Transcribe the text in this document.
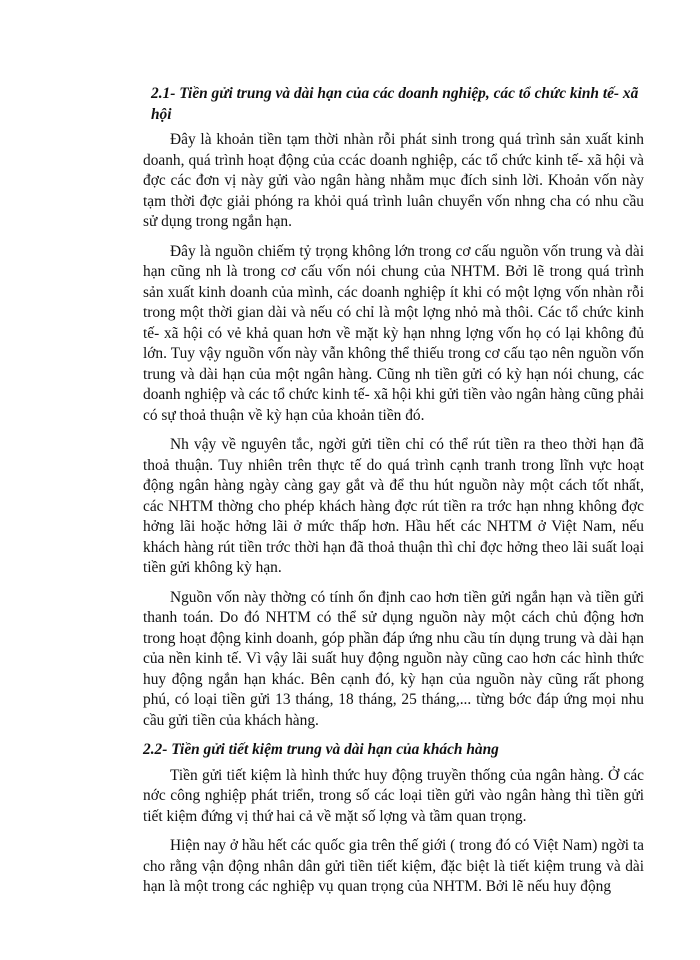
2.1- Tiền gửi trung và dài hạn của các doanh nghiệp, các tổ chức kinh tế- xã hội

Đây là khoản tiền tạm thời nhàn rỗi phát sinh trong quá trình sản xuất kinh doanh, quá trình hoạt động của ccác doanh nghiệp, các tổ chức kinh tế- xã hội và đợc các đơn vị này gửi vào ngân hàng nhằm mục đích sinh lời. Khoản vốn này tạm thời đợc giải phóng ra khỏi quá trình luân chuyển vốn nhng cha có nhu cầu sử dụng trong ngắn hạn.

Đây là nguồn chiếm tỷ trọng không lớn trong cơ cấu nguồn vốn trung và dài hạn cũng nh là trong cơ cấu vốn nói chung của NHTM. Bởi lẽ trong quá trình sản xuất kinh doanh của mình, các doanh nghiệp ít khi có một lợng vốn nhàn rỗi trong một thời gian dài và nếu có chỉ là một lợng nhỏ mà thôi. Các tổ chức kinh tế- xã hội có vẻ khả quan hơn về mặt kỳ hạn nhng lợng vốn họ có lại không đủ lớn. Tuy vậy nguồn vốn này vẫn không thể thiếu trong cơ cấu tạo nên nguồn vốn trung và dài hạn của một ngân hàng. Cũng nh tiền gửi có kỳ hạn nói chung, các doanh nghiệp và các tổ chức kinh tế- xã hội khi gửi tiền vào ngân hàng cũng phải có sự thoả thuận về kỳ hạn của khoản tiền đó.

Nh vậy về nguyên tắc, ngời gửi tiền chỉ có thể rút tiền ra theo thời hạn đã thoả thuận. Tuy nhiên trên thực tế do quá trình cạnh tranh trong lĩnh vực hoạt động ngân hàng ngày càng gay gắt và để thu hút nguồn này một cách tốt nhất, các NHTM thờng cho phép khách hàng đợc rút tiền ra trớc hạn nhng không đợc hởng lãi hoặc hởng lãi ở mức thấp hơn. Hầu hết các NHTM ở Việt Nam, nếu khách hàng rút tiền trớc thời hạn đã thoả thuận thì chỉ đợc hởng theo lãi suất loại tiền gửi không kỳ hạn.

Nguồn vốn này thờng có tính ổn định cao hơn tiền gửi ngắn hạn và tiền gửi thanh toán. Do đó NHTM có thể sử dụng nguồn này một cách chủ động hơn trong hoạt động kinh doanh, góp phần đáp ứng nhu cầu tín dụng trung và dài hạn của nền kinh tế. Vì vậy lãi suất huy động nguồn này cũng cao hơn các hình thức huy động ngắn hạn khác. Bên cạnh đó, kỳ hạn của nguồn này cũng rất phong phú, có loại tiền gửi 13 tháng, 18 tháng, 25 tháng,... từng bớc đáp ứng mọi nhu cầu gửi tiền của khách hàng.

2.2- Tiền gửi tiết kiệm trung và dài hạn của khách hàng

Tiền gửi tiết kiệm là hình thức huy động truyền thống của ngân hàng. Ở các nớc công nghiệp phát triển, trong số các loại tiền gửi vào ngân hàng thì tiền gửi tiết kiệm đứng vị thứ hai cả về mặt số lợng và tầm quan trọng.

Hiện nay ở hầu hết các quốc gia trên thế giới ( trong đó có Việt Nam) ngời ta cho rằng vận động nhân dân gửi tiền tiết kiệm, đặc biệt là tiết kiệm trung và dài hạn là một trong các nghiệp vụ quan trọng của NHTM. Bởi lẽ nếu huy động
